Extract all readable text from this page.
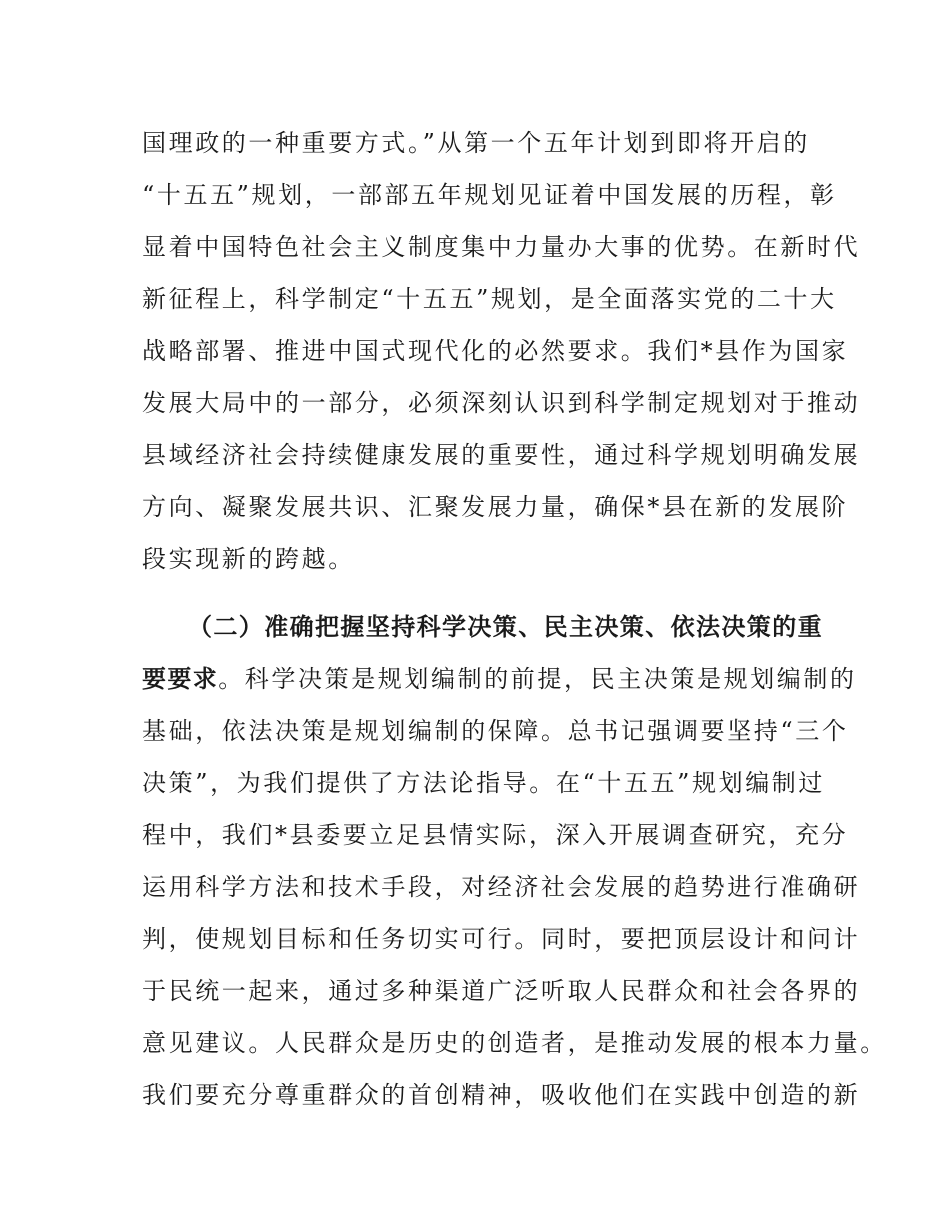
国理政的一种重要方式。”从第一个五年计划到即将开启的
“十五五”规划，一部部五年规划见证着中国发展的历程，彰
显着中国特色社会主义制度集中力量办大事的优势。在新时代
新征程上，科学制定“十五五”规划，是全面落实党的二十大
战略部署、推进中国式现代化的必然要求。我们*县作为国家
发展大局中的一部分，必须深刻认识到科学制定规划对于推动
县域经济社会持续健康发展的重要性，通过科学规划明确发展
方向、凝聚发展共识、汇聚发展力量，确保*县在新的发展阶
段实现新的跨越。
（二）准确把握坚持科学决策、民主决策、依法决策的重
要要求。科学决策是规划编制的前提，民主决策是规划编制的
基础，依法决策是规划编制的保障。总书记强调要坚持“三个
决策”，为我们提供了方法论指导。在“十五五”规划编制过
程中，我们*县委要立足县情实际，深入开展调查研究，充分
运用科学方法和技术手段，对经济社会发展的趋势进行准确研
判，使规划目标和任务切实可行。同时，要把顶层设计和问计
于民统一起来，通过多种渠道广泛听取人民群众和社会各界的
意见建议。人民群众是历史的创造者，是推动发展的根本力量。
我们要充分尊重群众的首创精神，吸收他们在实践中创造的新
